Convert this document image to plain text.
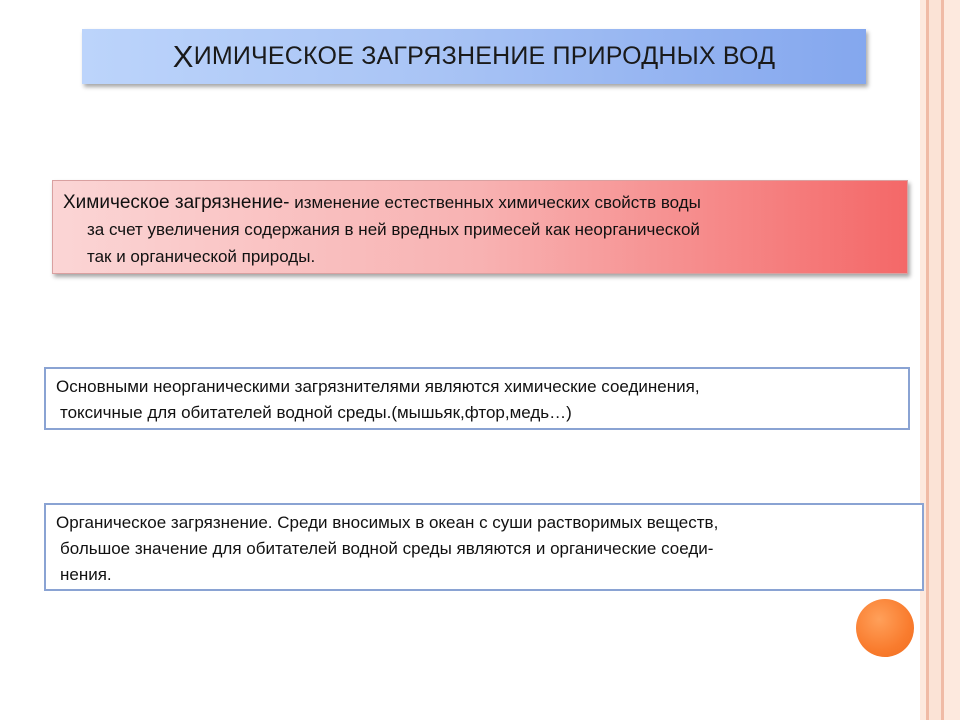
Х ИМИЧЕСКОЕ ЗАГРЯЗНЕНИЕ ПРИРОДНЫХ ВОД
Химическое загрязнение- изменение естественных химических свойств воды
за счет увеличения содержания в ней вредных примесей как неорганической
так и органической природы.
Основными неорганическими загрязнителями являются химические соединения,
токсичные для обитателей водной среды.(мышьяк,фтор,медь…)
Органическое загрязнение. Среди вносимых в океан с суши растворимых веществ,
большое значение для обитателей водной среды являются и органические соеди-
нения.
